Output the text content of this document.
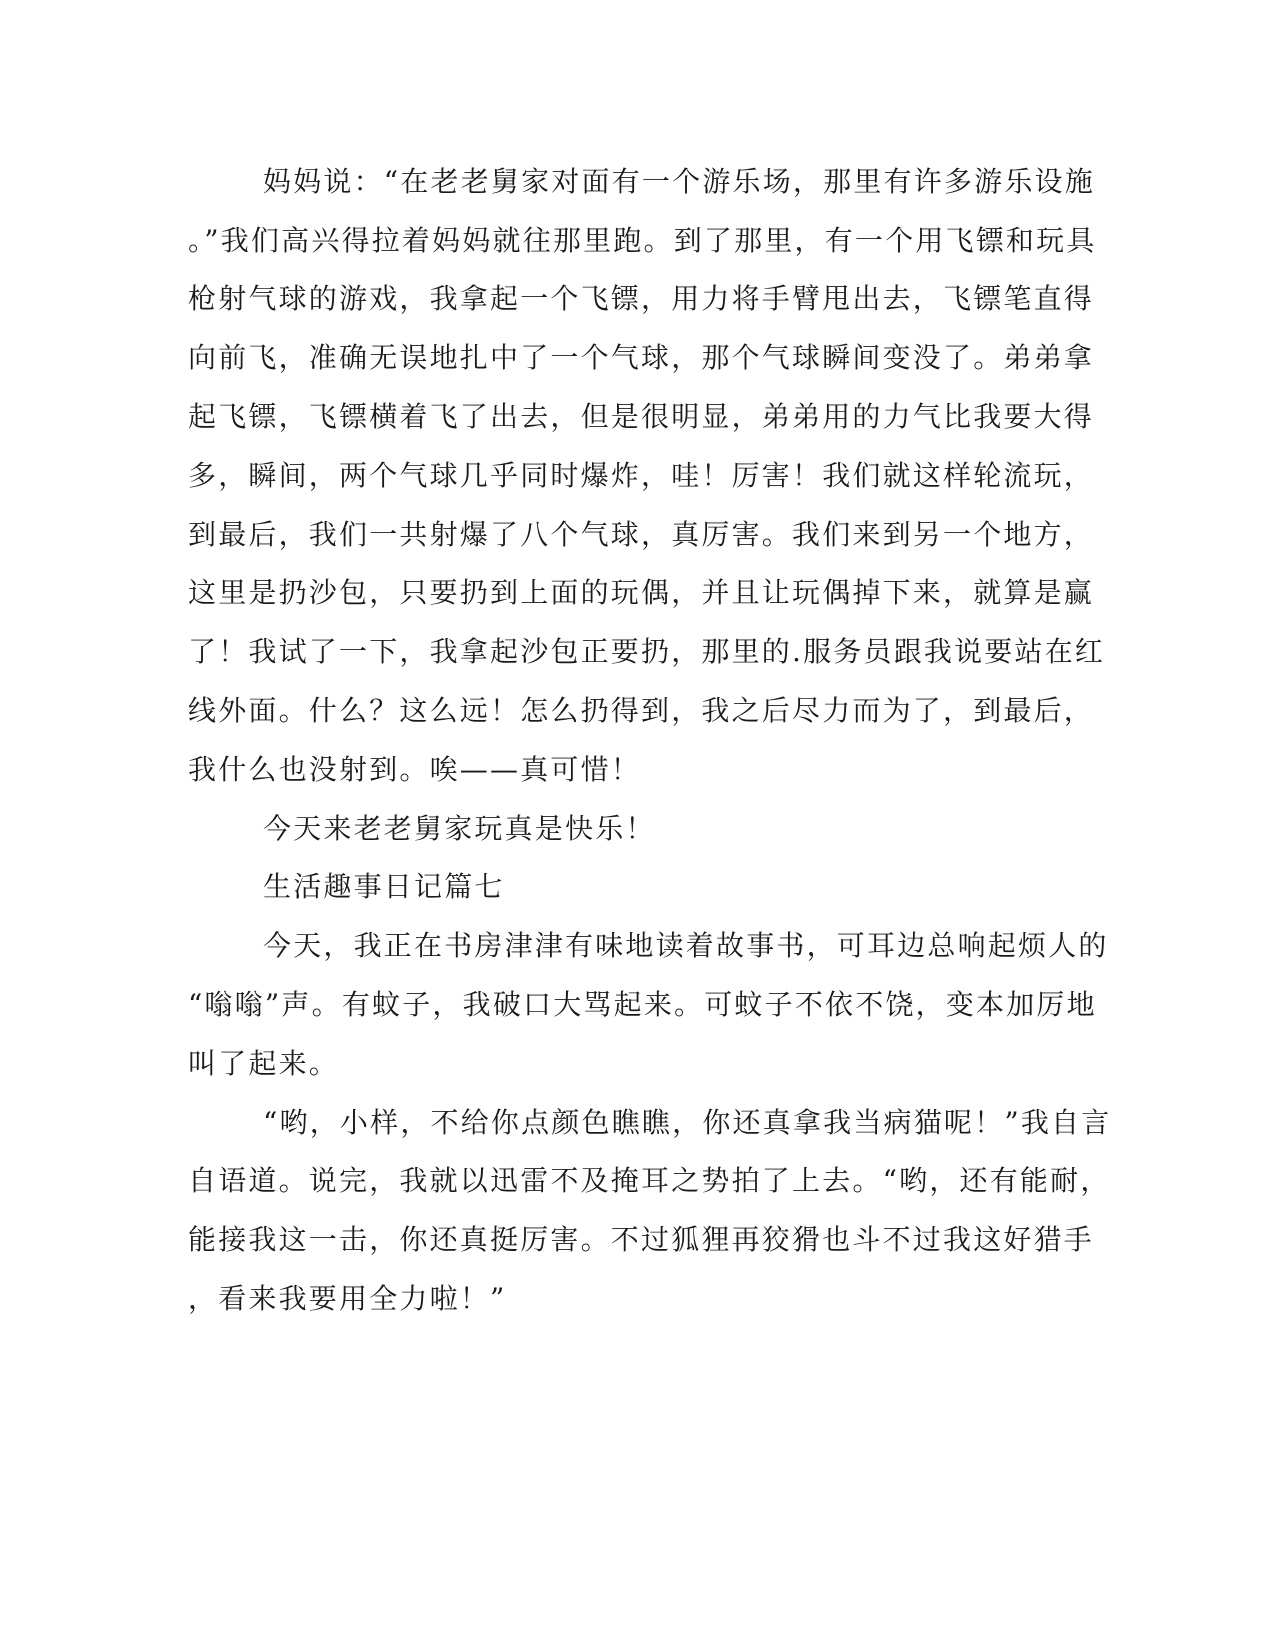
妈妈说：“在老老舅家对面有一个游乐场，那里有许多游乐设施
。”我们高兴得拉着妈妈就往那里跑。到了那里，有一个用飞镖和玩具
枪射气球的游戏，我拿起一个飞镖，用力将手臂甩出去，飞镖笔直得
向前飞，准确无误地扎中了一个气球，那个气球瞬间变没了。弟弟拿
起飞镖，飞镖横着飞了出去，但是很明显，弟弟用的力气比我要大得
多，瞬间，两个气球几乎同时爆炸，哇！厉害！我们就这样轮流玩，
到最后，我们一共射爆了八个气球，真厉害。我们来到另一个地方，
这里是扔沙包，只要扔到上面的玩偶，并且让玩偶掉下来，就算是赢
了！我试了一下，我拿起沙包正要扔，那里的.服务员跟我说要站在红
线外面。什么？这么远！怎么扔得到，我之后尽力而为了，到最后，
我什么也没射到。唉——真可惜！
今天来老老舅家玩真是快乐！
生活趣事日记篇七
今天，我正在书房津津有味地读着故事书，可耳边总响起烦人的
“嗡嗡”声。有蚊子，我破口大骂起来。可蚊子不依不饶，变本加厉地
叫了起来。
“哟，小样，不给你点颜色瞧瞧，你还真拿我当病猫呢！”我自言
自语道。说完，我就以迅雷不及掩耳之势拍了上去。“哟，还有能耐，
能接我这一击，你还真挺厉害。不过狐狸再狡猾也斗不过我这好猎手
，看来我要用全力啦！”
